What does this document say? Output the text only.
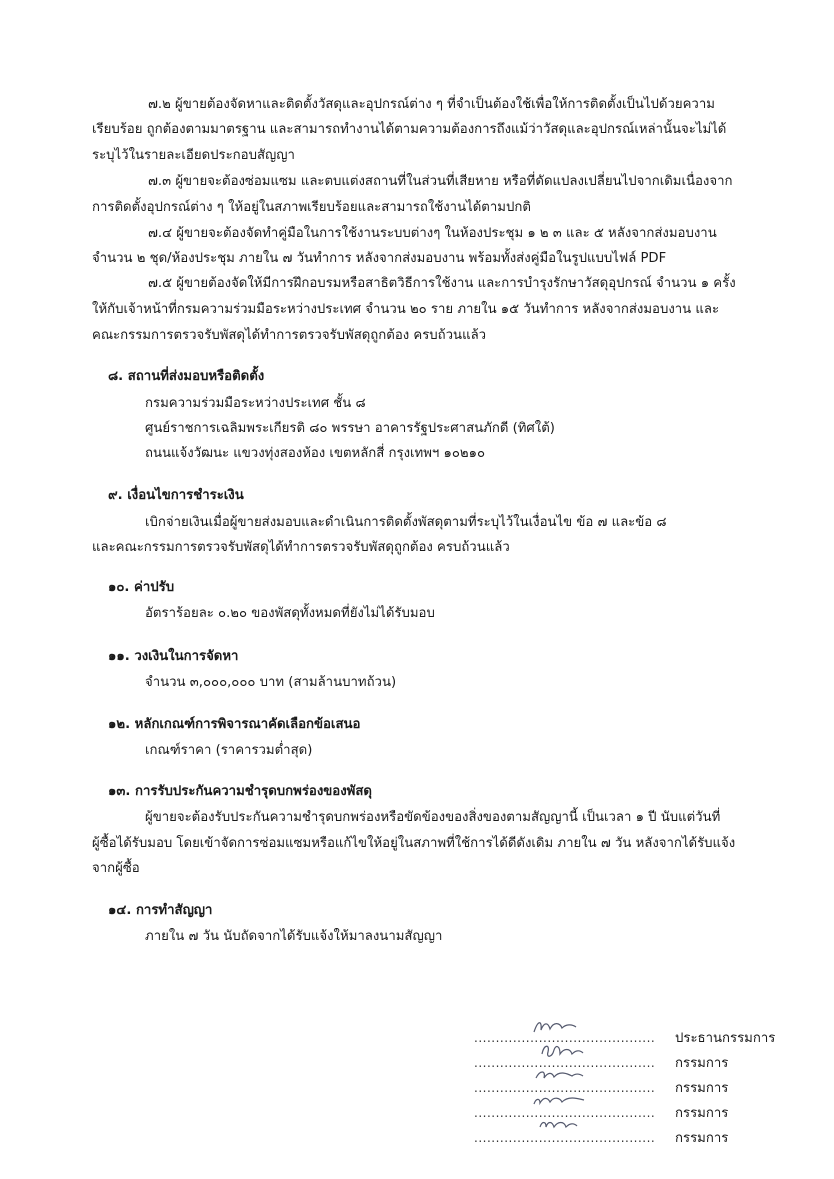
๗.๒ ผู้ขายต้องจัดหาและติดตั้งวัสดุและอุปกรณ์ต่าง ๆ ที่จำเป็นต้องใช้เพื่อให้การติดตั้งเป็นไปด้วยความ
เรียบร้อย ถูกต้องตามมาตรฐาน และสามารถทำงานได้ตามความต้องการถึงแม้ว่าวัสดุและอุปกรณ์เหล่านั้นจะไม่ได้
ระบุไว้ในรายละเอียดประกอบสัญญา
๗.๓ ผู้ขายจะต้องซ่อมแซม และตบแต่งสถานที่ในส่วนที่เสียหาย หรือที่ดัดแปลงเปลี่ยนไปจากเดิมเนื่องจาก
การติดตั้งอุปกรณ์ต่าง ๆ ให้อยู่ในสภาพเรียบร้อยและสามารถใช้งานได้ตามปกติ
๗.๔ ผู้ขายจะต้องจัดทำคู่มือในการใช้งานระบบต่างๆ ในห้องประชุม ๑ ๒ ๓ และ ๕ หลังจากส่งมอบงาน
จำนวน ๒ ชุด/ห้องประชุม ภายใน ๗ วันทำการ หลังจากส่งมอบงาน พร้อมทั้งส่งคู่มือในรูปแบบไฟล์ PDF
๗.๕ ผู้ขายต้องจัดให้มีการฝึกอบรมหรือสาธิตวิธีการใช้งาน และการบำรุงรักษาวัสดุอุปกรณ์ จำนวน ๑ ครั้ง
ให้กับเจ้าหน้าที่กรมความร่วมมือระหว่างประเทศ จำนวน ๒๐ ราย ภายใน ๑๕ วันทำการ หลังจากส่งมอบงาน และ
คณะกรรมการตรวจรับพัสดุได้ทำการตรวจรับพัสดุถูกต้อง ครบถ้วนแล้ว
๘. สถานที่ส่งมอบหรือติดตั้ง
กรมความร่วมมือระหว่างประเทศ ชั้น ๘
ศูนย์ราชการเฉลิมพระเกียรติ ๘๐ พรรษา อาคารรัฐประศาสนภักดี (ทิศใต้)
ถนนแจ้งวัฒนะ แขวงทุ่งสองห้อง เขตหลักสี่ กรุงเทพฯ ๑๐๒๑๐
๙. เงื่อนไขการชำระเงิน
เบิกจ่ายเงินเมื่อผู้ขายส่งมอบและดำเนินการติดตั้งพัสดุตามที่ระบุไว้ในเงื่อนไข ข้อ ๗ และข้อ ๘
และคณะกรรมการตรวจรับพัสดุได้ทำการตรวจรับพัสดุถูกต้อง ครบถ้วนแล้ว
๑๐. ค่าปรับ
อัตราร้อยละ ๐.๒๐ ของพัสดุทั้งหมดที่ยังไม่ได้รับมอบ
๑๑. วงเงินในการจัดหา
จำนวน ๓,๐๐๐,๐๐๐ บาท (สามล้านบาทถ้วน)
๑๒. หลักเกณฑ์การพิจารณาคัดเลือกข้อเสนอ
เกณฑ์ราคา (ราคารวมต่ำสุด)
๑๓. การรับประกันความชำรุดบกพร่องของพัสดุ
ผู้ขายจะต้องรับประกันความชำรุดบกพร่องหรือขัดข้องของสิ่งของตามสัญญานี้ เป็นเวลา ๑ ปี นับแต่วันที่
ผู้ซื้อได้รับมอบ โดยเข้าจัดการซ่อมแซมหรือแก้ไขให้อยู่ในสภาพที่ใช้การได้ดีดังเดิม ภายใน ๗ วัน หลังจากได้รับแจ้ง
จากผู้ซื้อ
๑๔. การทำสัญญา
ภายใน ๗ วัน นับถัดจากได้รับแจ้งให้มาลงนามสัญญา
.......................................... ประธานกรรมการ
.......................................... กรรมการ
.......................................... กรรมการ
.......................................... กรรมการ
.......................................... กรรมการ
